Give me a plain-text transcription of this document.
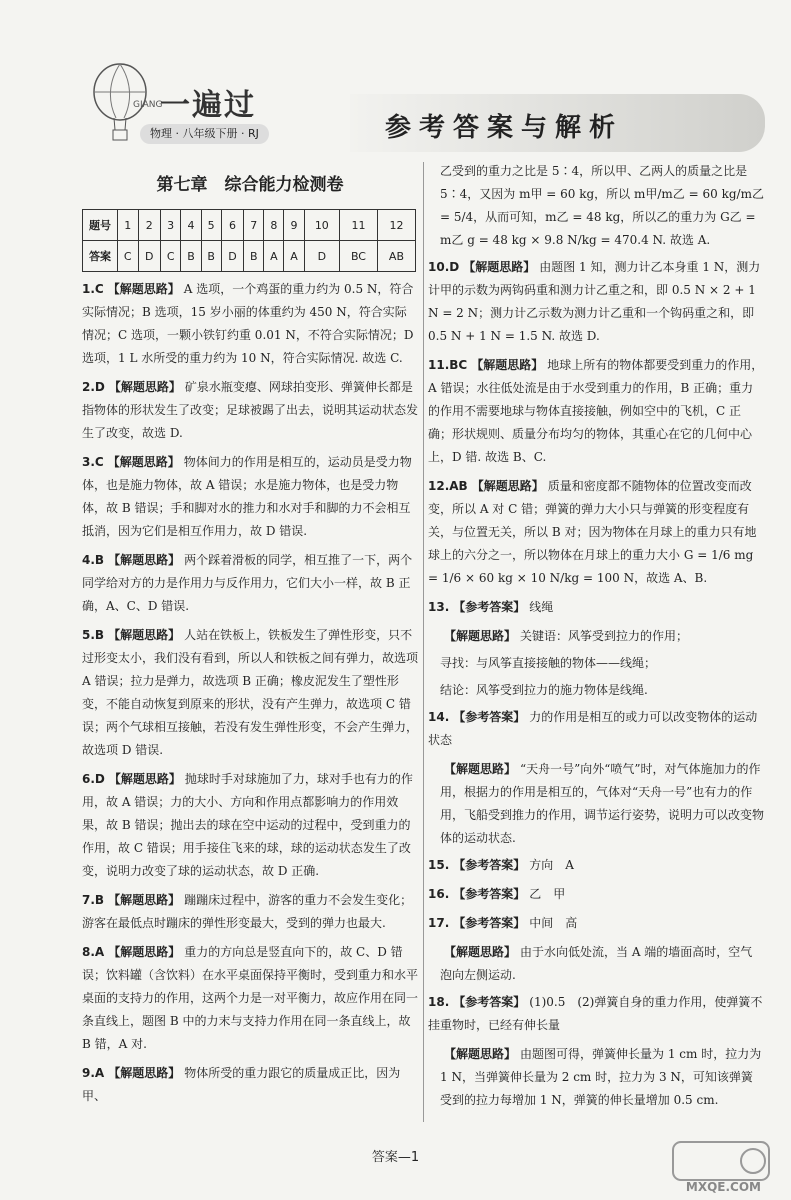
GIANG
一遍过
物理 · 八年级下册 · RJ	参考答案与解析
第七章　综合能力检测卷
题号	1	2	3	4	5	6	7	8	9	10	11	12
答案	C	D	C	B	B	D	B	A	A	D	BC	AB
1.C 【解题思路】 A 选项，一个鸡蛋的重力约为 0.5 N，符合实际情况；B 选项，15 岁小丽的体重约为 450 N，符合实际情况；C 选项，一颗小铁钉约重 0.01 N，不符合实际情况；D 选项，1 L 水所受的重力约为 10 N，符合实际情况. 故选 C.
2.D 【解题思路】 矿泉水瓶变瘪、网球拍变形、弹簧伸长都是指物体的形状发生了改变；足球被踢了出去，说明其运动状态发生了改变，故选 D.
3.C 【解题思路】 物体间力的作用是相互的，运动员是受力物体，也是施力物体，故 A 错误；水是施力物体，也是受力物体，故 B 错误；手和脚对水的推力和水对手和脚的力不会相互抵消，因为它们是相互作用力，故 D 错误.
4.B 【解题思路】 两个踩着滑板的同学，相互推了一下，两个同学给对方的力是作用力与反作用力，它们大小一样，故 B 正确，A、C、D 错误.
5.B 【解题思路】 人站在铁板上，铁板发生了弹性形变，只不过形变太小，我们没有看到，所以人和铁板之间有弹力，故选项 A 错误；拉力是弹力，故选项 B 正确；橡皮泥发生了塑性形变，不能自动恢复到原来的形状，没有产生弹力，故选项 C 错误；两个气球相互接触，若没有发生弹性形变，不会产生弹力，故选项 D 错误.
6.D 【解题思路】 抛球时手对球施加了力，球对手也有力的作用，故 A 错误；力的大小、方向和作用点都影响力的作用效果，故 B 错误；抛出去的球在空中运动的过程中，受到重力的作用，故 C 错误；用手接住飞来的球，球的运动状态发生了改变，说明力改变了球的运动状态，故 D 正确.
7.B 【解题思路】 蹦蹦床过程中，游客的重力不会发生变化；游客在最低点时蹦床的弹性形变最大，受到的弹力也最大.
8.A 【解题思路】 重力的方向总是竖直向下的，故 C、D 错误；饮料罐（含饮料）在水平桌面保持平衡时，受到重力和水平桌面的支持力的作用，这两个力是一对平衡力，故应作用在同一条直线上，题图 B 中的力末与支持力作用在同一条直线上，故 B 错，A 对.
9.A 【解题思路】 物体所受的重力跟它的质量成正比，因为甲、
乙受到的重力之比是 5∶4，所以甲、乙两人的质量之比是 5∶4，又因为 m甲 = 60 kg，所以 m甲/m乙 = 60 kg/m乙 = 5/4，从而可知，m乙 = 48 kg，所以乙的重力为 G乙 = m乙 g = 48 kg × 9.8 N/kg = 470.4 N. 故选 A.
10.D 【解题思路】 由题图 1 知，测力计乙本身重 1 N，测力计甲的示数为两钩码重和测力计乙重之和，即 0.5 N × 2 + 1 N = 2 N；测力计乙示数为测力计乙重和一个钩码重之和，即 0.5 N + 1 N = 1.5 N. 故选 D.
11.BC 【解题思路】 地球上所有的物体都要受到重力的作用，A 错误；水往低处流是由于水受到重力的作用，B 正确；重力的作用不需要地球与物体直接接触，例如空中的飞机，C 正确；形状规则、质量分布均匀的物体，其重心在它的几何中心上，D 错. 故选 B、C.
12.AB 【解题思路】 质量和密度都不随物体的位置改变而改变，所以 A 对 C 错；弹簧的弹力大小只与弹簧的形变程度有关，与位置无关，所以 B 对；因为物体在月球上的重力只有地球上的六分之一，所以物体在月球上的重力大小 G = 1/6 mg = 1/6 × 60 kg × 10 N/kg = 100 N，故选 A、B.
13. 【参考答案】 线绳
【解题思路】 关键语：风筝受到拉力的作用；
寻找：与风筝直接接触的物体——线绳；
结论：风筝受到拉力的施力物体是线绳.
14. 【参考答案】 力的作用是相互的或力可以改变物体的运动状态
【解题思路】 “天舟一号”向外“喷气”时，对气体施加力的作用，根据力的作用是相互的，气体对“天舟一号”也有力的作用，飞船受到推力的作用，调节运行姿势，说明力可以改变物体的运动状态.
15. 【参考答案】 方向　A
16. 【参考答案】 乙　甲
17. 【参考答案】 中间　高
【解题思路】 由于水向低处流，当 A 端的墙面高时，空气泡向左侧运动.
18. 【参考答案】 (1)0.5　(2)弹簧自身的重力作用，使弹簧不挂重物时，已经有伸长量
【解题思路】 由题图可得，弹簧伸长量为 1 cm 时，拉力为 1 N，当弹簧伸长量为 2 cm 时，拉力为 3 N，可知该弹簧受到的拉力每增加 1 N，弹簧的伸长量增加 0.5 cm.
答案—1
MXQE.COM
